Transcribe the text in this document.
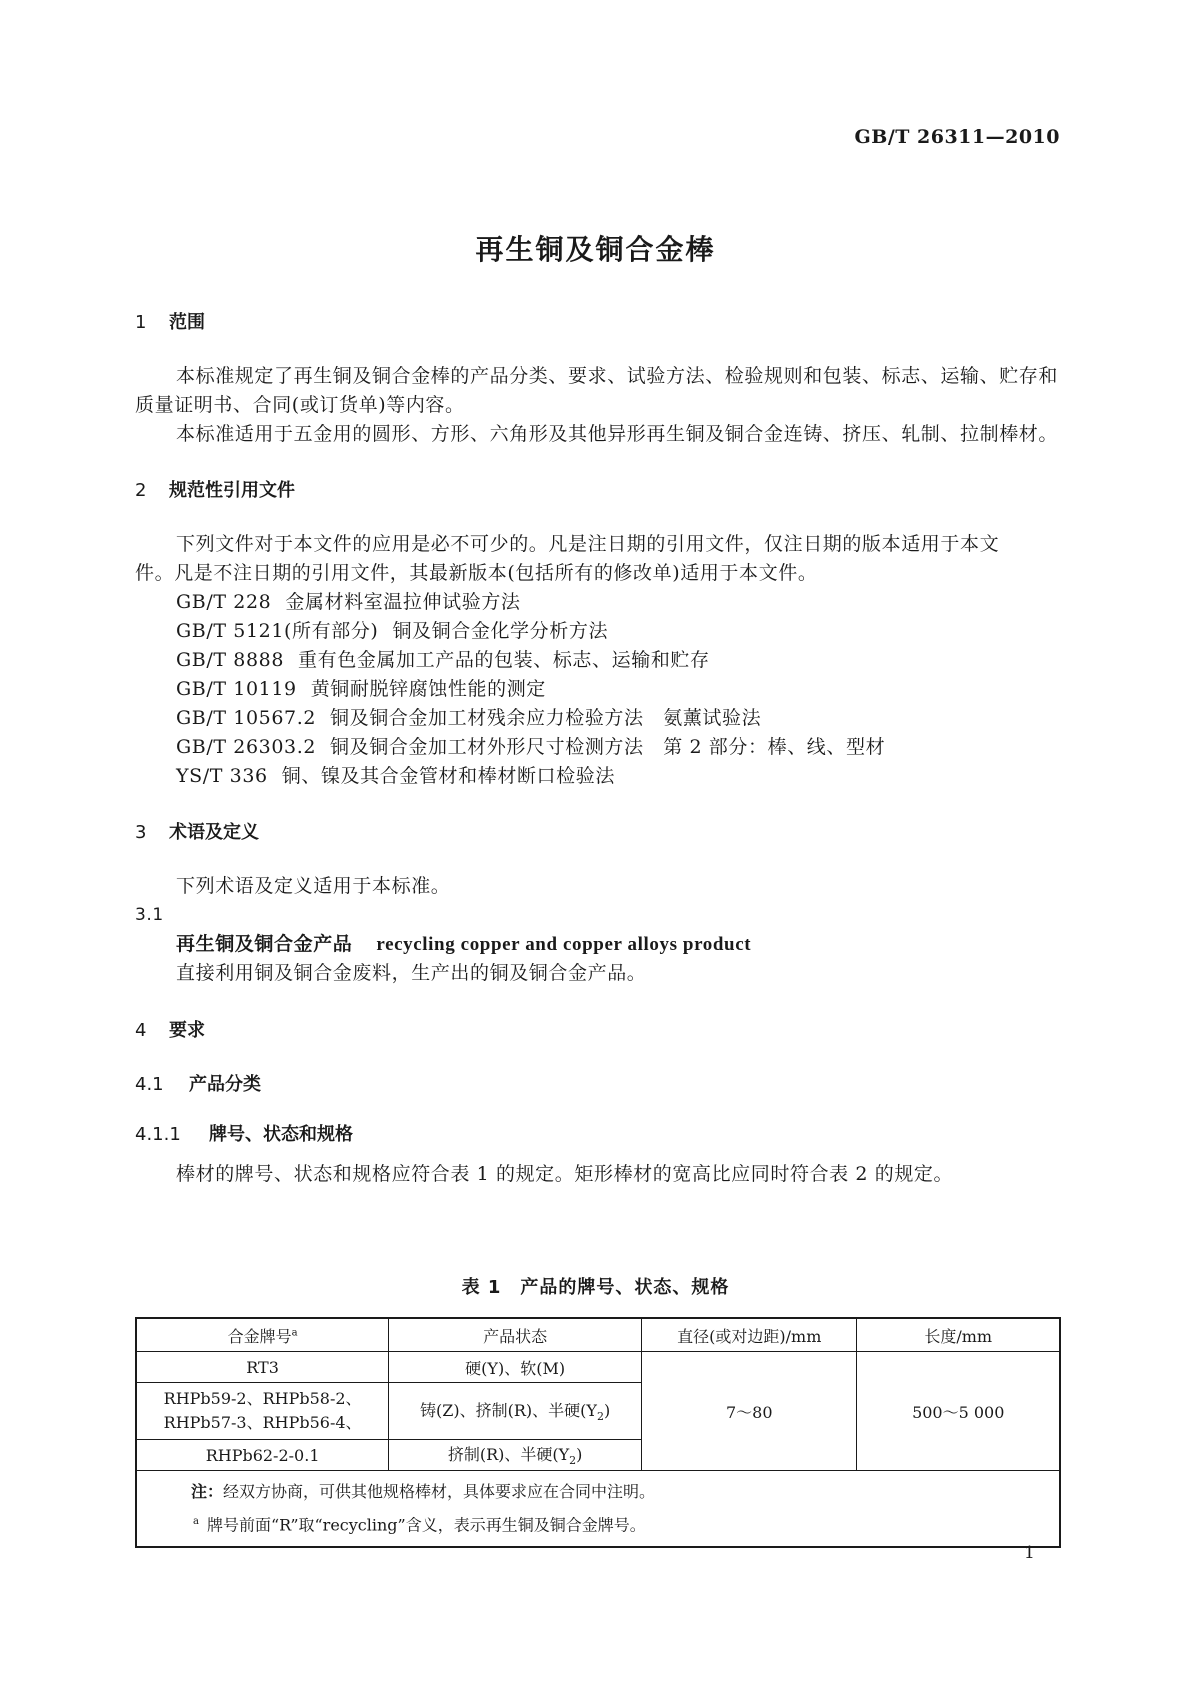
GB/T 26311—2010
再生铜及铜合金棒
1 范围
本标准规定了再生铜及铜合金棒的产品分类、要求、试验方法、检验规则和包装、标志、运输、贮存和
质量证明书、合同(或订货单)等内容。
本标准适用于五金用的圆形、方形、六角形及其他异形再生铜及铜合金连铸、挤压、轧制、拉制棒材。
2 规范性引用文件
下列文件对于本文件的应用是必不可少的。凡是注日期的引用文件，仅注日期的版本适用于本文
件。凡是不注日期的引用文件，其最新版本(包括所有的修改单)适用于本文件。
GB/T 228 金属材料室温拉伸试验方法
GB/T 5121(所有部分) 铜及铜合金化学分析方法
GB/T 8888 重有色金属加工产品的包装、标志、运输和贮存
GB/T 10119 黄铜耐脱锌腐蚀性能的测定
GB/T 10567.2 铜及铜合金加工材残余应力检验方法　氨薰试验法
GB/T 26303.2 铜及铜合金加工材外形尺寸检测方法　第 2 部分：棒、线、型材
YS/T 336 铜、镍及其合金管材和棒材断口检验法
3 术语及定义
下列术语及定义适用于本标准。
3.1
再生铜及铜合金产品 recycling copper and copper alloys product
直接利用铜及铜合金废料，生产出的铜及铜合金产品。
4 要求
4.1 产品分类
4.1.1 牌号、状态和规格
棒材的牌号、状态和规格应符合表 1 的规定。矩形棒材的宽高比应同时符合表 2 的规定。
表 1　产品的牌号、状态、规格
合金牌号$^a$	产品状态	直径(或对边距)/mm	长度/mm
RT3	硬(Y)、软(M)	7～80	500～5 000

RHPb59-2、RHPb58-2、
RHPb57-3、RHPb56-4、	铸(Z)、挤制(R)、半硬$(Y_2)$		
RHPb62-2-0.1	挤制(R)、半硬$(Y_2)$		

注：经双方协商，可供其他规格棒材，具体要求应在合同中注明。
$^a$ 牌号前面“R”取“recycling”含义，表示再生铜及铜合金牌号。			
1
